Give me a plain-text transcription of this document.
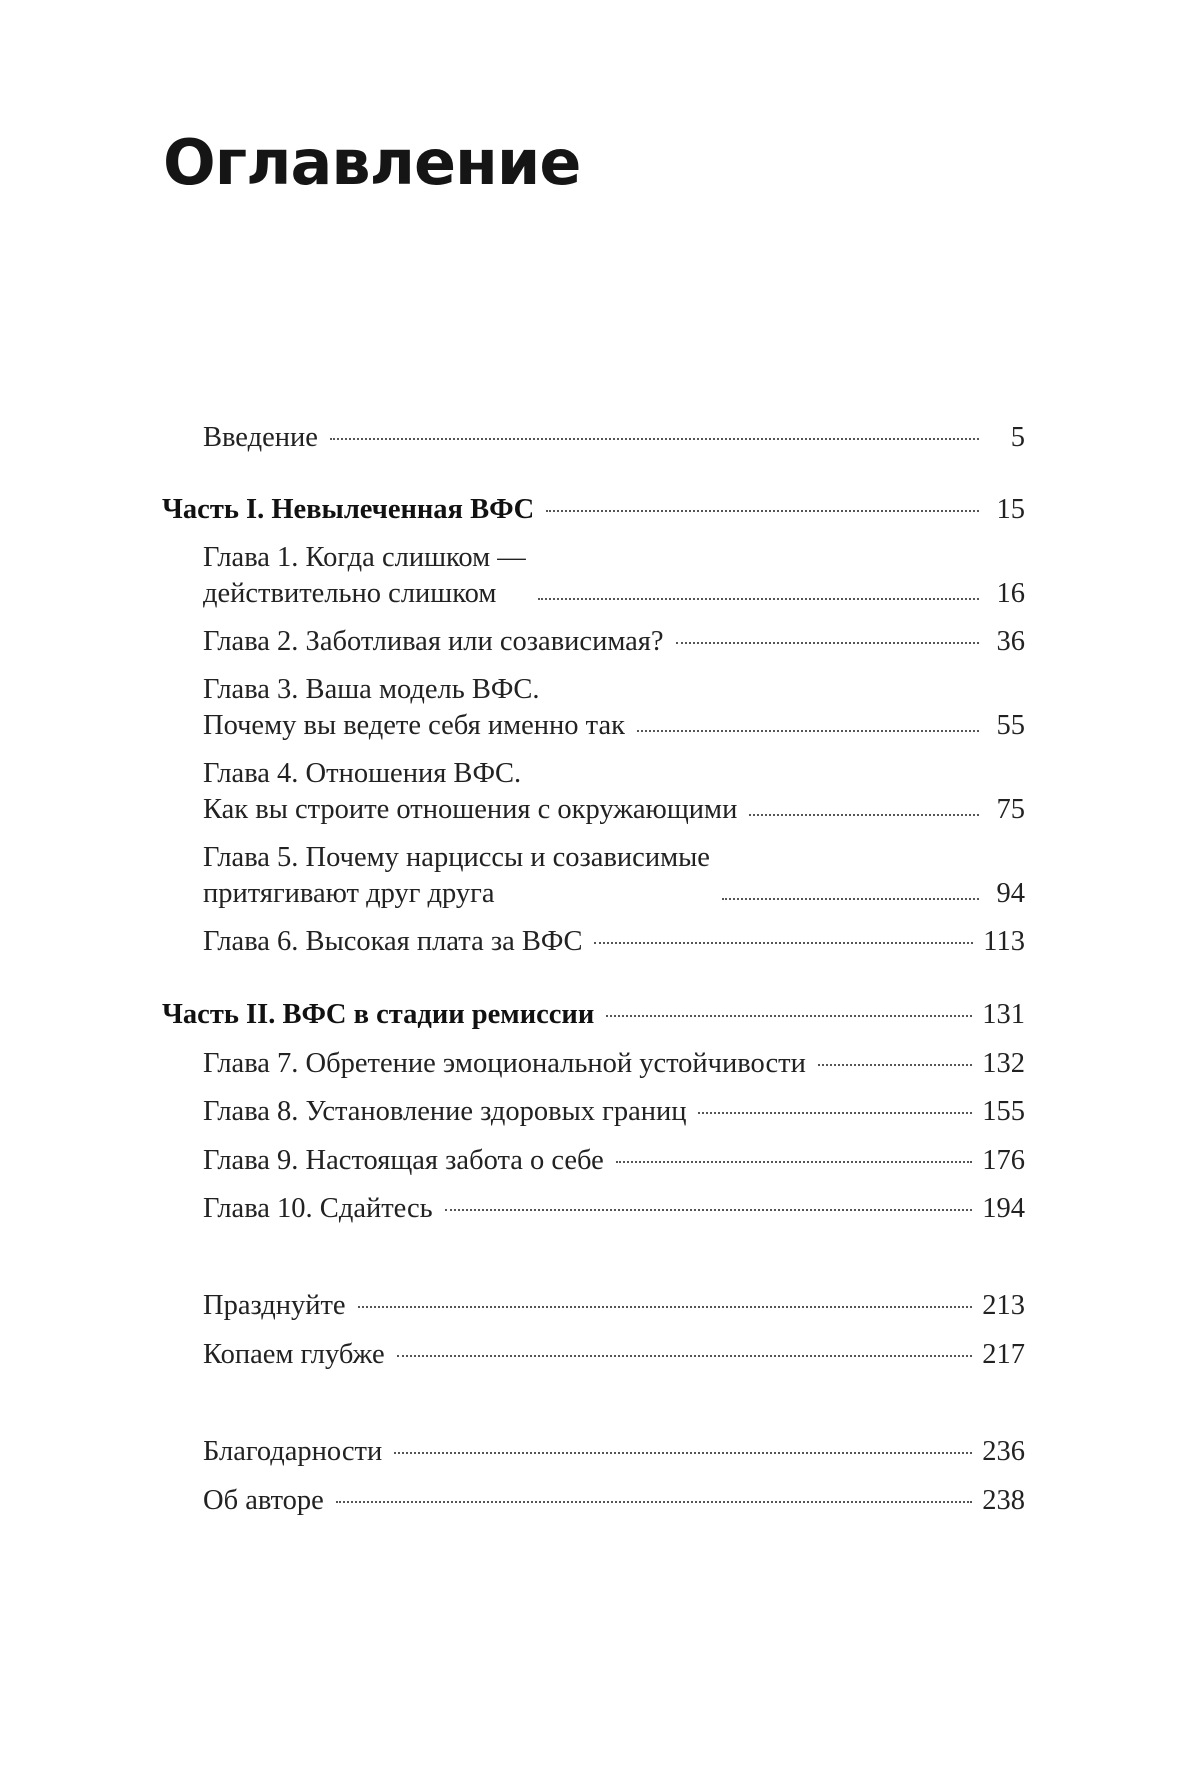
Оглавление
Введение	5
Часть I. Невылеченная ВФС	15
Глава 1. Когда слишком —
действительно слишком	16
Глава 2. Заботливая или созависимая?	36
Глава 3. Ваша модель ВФС.
Почему вы ведете себя именно так	55
Глава 4. Отношения ВФС.
Как вы строите отношения с окружающими	75
Глава 5. Почему нарциссы и созависимые
притягивают друг друга	94
Глава 6. Высокая плата за ВФС	113
Часть II. ВФС в стадии ремиссии	131
Глава 7. Обретение эмоциональной устойчивости	132
Глава 8. Установление здоровых границ	155
Глава 9. Настоящая забота о себе	176
Глава 10. Сдайтесь	194
Празднуйте	213
Копаем глубже	217
Благодарности	236
Об авторе	238
